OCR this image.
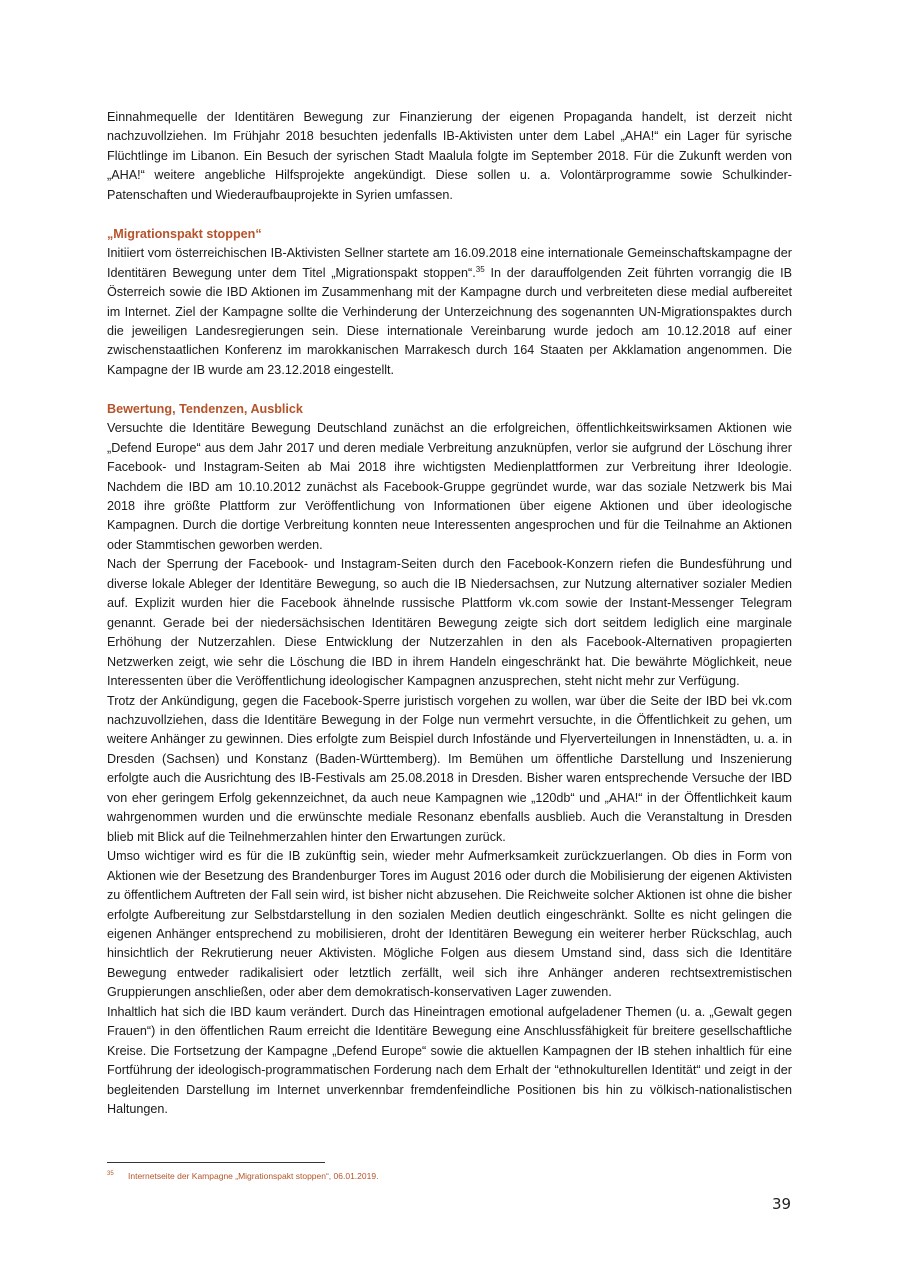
Einnahmequelle der Identitären Bewegung zur Finanzierung der eigenen Propaganda handelt, ist derzeit nicht nachzuvollziehen. Im Frühjahr 2018 besuchten jedenfalls IB-Aktivisten unter dem Label „AHA!“ ein Lager für syrische Flüchtlinge im Libanon. Ein Besuch der syrischen Stadt Maalula folgte im September 2018. Für die Zukunft werden von „AHA!“ weitere angebliche Hilfsprojekte angekündigt. Diese sollen u. a. Volontärprogramme sowie Schulkinder-Patenschaften und Wiederaufbauprojekte in Syrien umfassen.

„Migrationspakt stoppen“

Initiiert vom österreichischen IB-Aktivisten Sellner startete am 16.09.2018 eine internationale Gemeinschaftskampagne der Identitären Bewegung unter dem Titel „Migrationspakt stoppen“.$^{35}$ In der darauffolgenden Zeit führten vorrangig die IB Österreich sowie die IBD Aktionen im Zusammenhang mit der Kampagne durch und verbreiteten diese medial aufbereitet im Internet. Ziel der Kampagne sollte die Verhinderung der Unterzeichnung des sogenannten UN-Migrationspaktes durch die jeweiligen Landesregierungen sein. Diese internationale Vereinbarung wurde jedoch am 10.12.2018 auf einer zwischenstaatlichen Konferenz im marokkanischen Marrakesch durch 164 Staaten per Akklamation angenommen. Die Kampagne der IB wurde am 23.12.2018 eingestellt.

Bewertung, Tendenzen, Ausblick

Versuchte die Identitäre Bewegung Deutschland zunächst an die erfolgreichen, öffentlichkeitswirksamen Aktionen wie „Defend Europe“ aus dem Jahr 2017 und deren mediale Verbreitung anzuknüpfen, verlor sie aufgrund der Löschung ihrer Facebook- und Instagram-Seiten ab Mai 2018 ihre wichtigsten Medienplattformen zur Verbreitung ihrer Ideologie. Nachdem die IBD am 10.10.2012 zunächst als Facebook-Gruppe gegründet wurde, war das soziale Netzwerk bis Mai 2018 ihre größte Plattform zur Veröffentlichung von Informationen über eigene Aktionen und über ideologische Kampagnen. Durch die dortige Verbreitung konnten neue Interessenten angesprochen und für die Teilnahme an Aktionen oder Stammtischen geworben werden.

Nach der Sperrung der Facebook- und Instagram-Seiten durch den Facebook-Konzern riefen die Bundesführung und diverse lokale Ableger der Identitäre Bewegung, so auch die IB Niedersachsen, zur Nutzung alternativer sozialer Medien auf. Explizit wurden hier die Facebook ähnelnde russische Plattform vk.com sowie der Instant-Messenger Telegram genannt. Gerade bei der niedersächsischen Identitären Bewegung zeigte sich dort seitdem lediglich eine marginale Erhöhung der Nutzerzahlen. Diese Entwicklung der Nutzerzahlen in den als Facebook-Alternativen propagierten Netzwerken zeigt, wie sehr die Löschung die IBD in ihrem Handeln eingeschränkt hat. Die bewährte Möglichkeit, neue Interessenten über die Veröffentlichung ideologischer Kampagnen anzusprechen, steht nicht mehr zur Verfügung.

Trotz der Ankündigung, gegen die Facebook-Sperre juristisch vorgehen zu wollen, war über die Seite der IBD bei vk.com nachzuvollziehen, dass die Identitäre Bewegung in der Folge nun vermehrt versuchte, in die Öffentlichkeit zu gehen, um weitere Anhänger zu gewinnen. Dies erfolgte zum Beispiel durch Infostände und Flyerverteilungen in Innenstädten, u. a. in Dresden (Sachsen) und Konstanz (Baden-Württemberg). Im Bemühen um öffentliche Darstellung und Inszenierung erfolgte auch die Ausrichtung des IB-Festivals am 25.08.2018 in Dresden. Bisher waren entsprechende Versuche der IBD von eher geringem Erfolg gekennzeichnet, da auch neue Kampagnen wie „120db“ und „AHA!“ in der Öffentlichkeit kaum wahrgenommen wurden und die erwünschte mediale Resonanz ebenfalls ausblieb. Auch die Veranstaltung in Dresden blieb mit Blick auf die Teilnehmerzahlen hinter den Erwartungen zurück.

Umso wichtiger wird es für die IB zukünftig sein, wieder mehr Aufmerksamkeit zurückzuerlangen. Ob dies in Form von Aktionen wie der Besetzung des Brandenburger Tores im August 2016 oder durch die Mobilisierung der eigenen Aktivisten zu öffentlichem Auftreten der Fall sein wird, ist bisher nicht abzusehen. Die Reichweite solcher Aktionen ist ohne die bisher erfolgte Aufbereitung zur Selbstdarstellung in den sozialen Medien deutlich eingeschränkt. Sollte es nicht gelingen die eigenen Anhänger entsprechend zu mobilisieren, droht der Identitären Bewegung ein weiterer herber Rückschlag, auch hinsichtlich der Rekrutierung neuer Aktivisten. Mögliche Folgen aus diesem Umstand sind, dass sich die Identitäre Bewegung entweder radikalisiert oder letztlich zerfällt, weil sich ihre Anhänger anderen rechtsextremistischen Gruppierungen anschließen, oder aber dem demokratisch-konservativen Lager zuwenden.

Inhaltlich hat sich die IBD kaum verändert. Durch das Hineintragen emotional aufgeladener Themen (u. a. „Gewalt gegen Frauen“) in den öffentlichen Raum erreicht die Identitäre Bewegung eine Anschlussfähigkeit für breitere gesellschaftliche Kreise. Die Fortsetzung der Kampagne „Defend Europe“ sowie die aktuellen Kampagnen der IB stehen inhaltlich für eine Fortführung der ideologisch-programmatischen Forderung nach dem Erhalt der “ethnokulturellen Identität“ und zeigt in der begleitenden Darstellung im Internet unverkennbar fremdenfeindliche Positionen bis hin zu völkisch-nationalistischen Haltungen.

35 Internetseite der Kampagne „Migrationspakt stoppen“, 06.01.2019.
39
